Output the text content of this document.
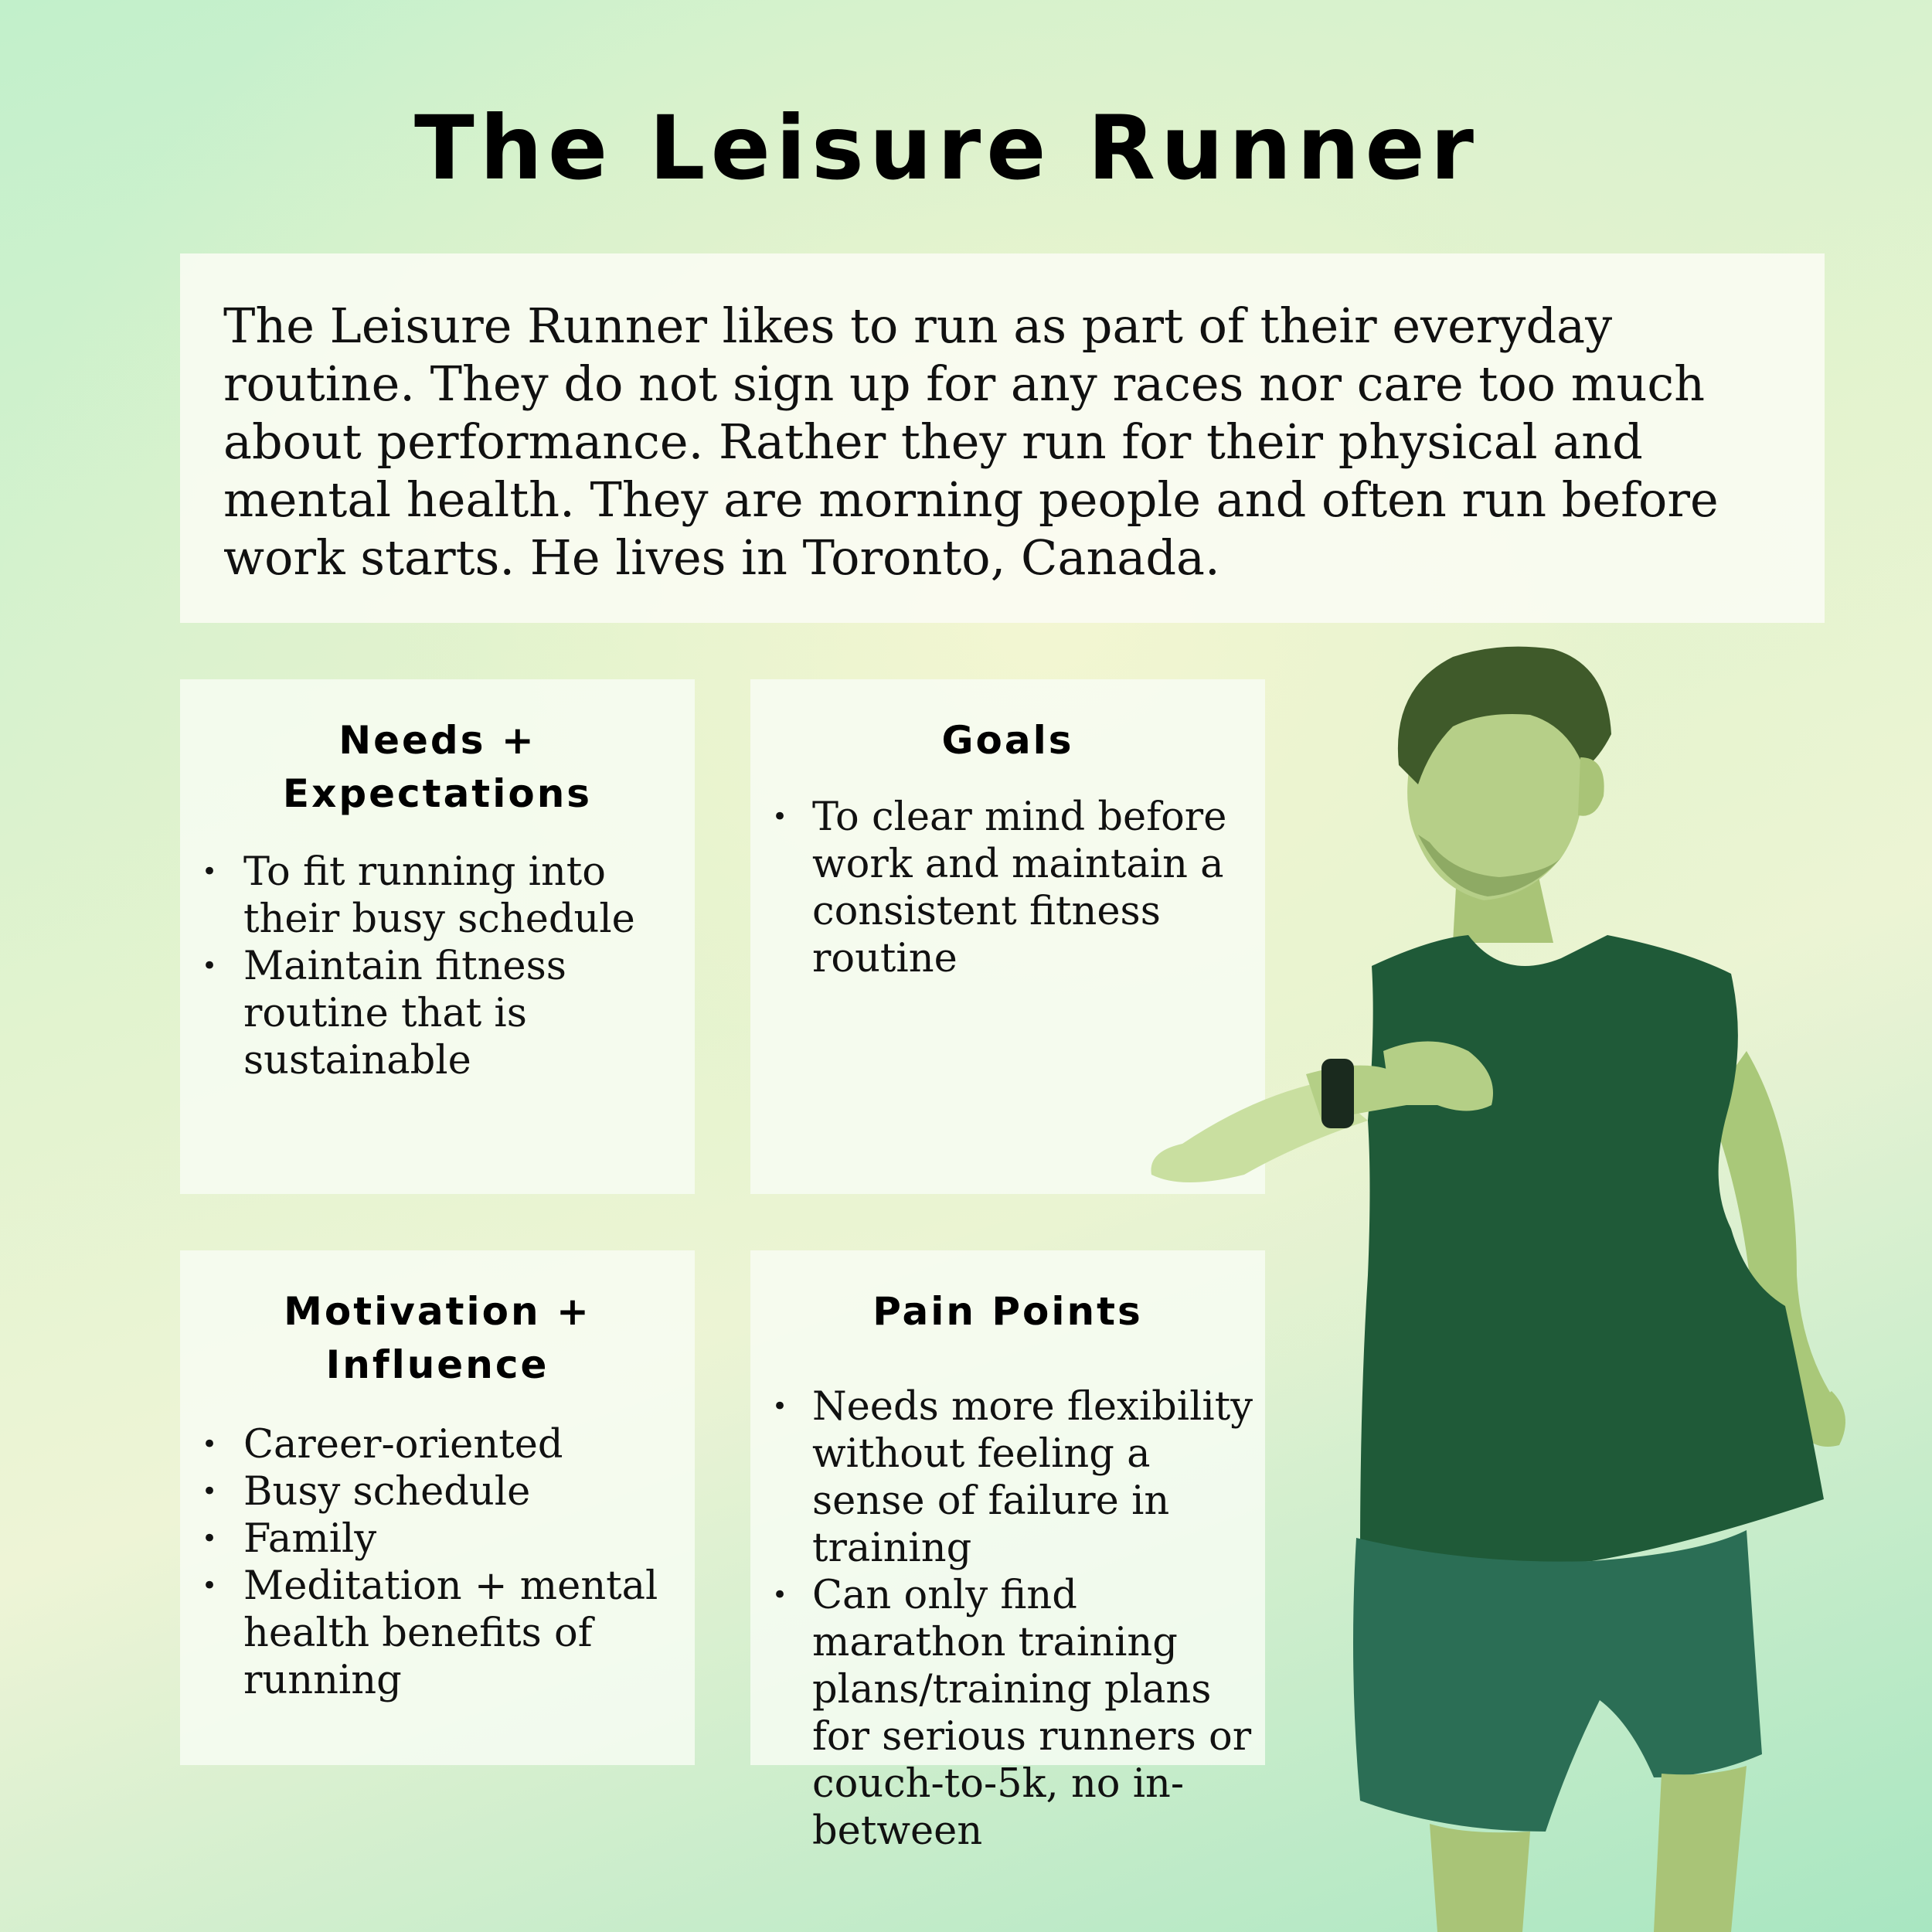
The Leisure Runner

The Leisure Runner likes to run as part of their everyday routine. They do not sign up for any races nor care too much about performance. Rather they run for their physical and mental health. They are morning people and often run before work starts. He lives in Toronto, Canada.

Needs +
Expectations
• To fit running into their busy schedule
• Maintain fitness routine that is sustainable
Goals
• To clear mind before work and maintain a consistent fitness routine
Motivation +
Influence
• Career-oriented
• Busy schedule
• Family
• Meditation + mental health benefits of running
Pain Points
• Needs more flexibility without feeling a sense of failure in training
• Can only find marathon training plans/training plans for serious runners or couch-to-5k, no in-between
